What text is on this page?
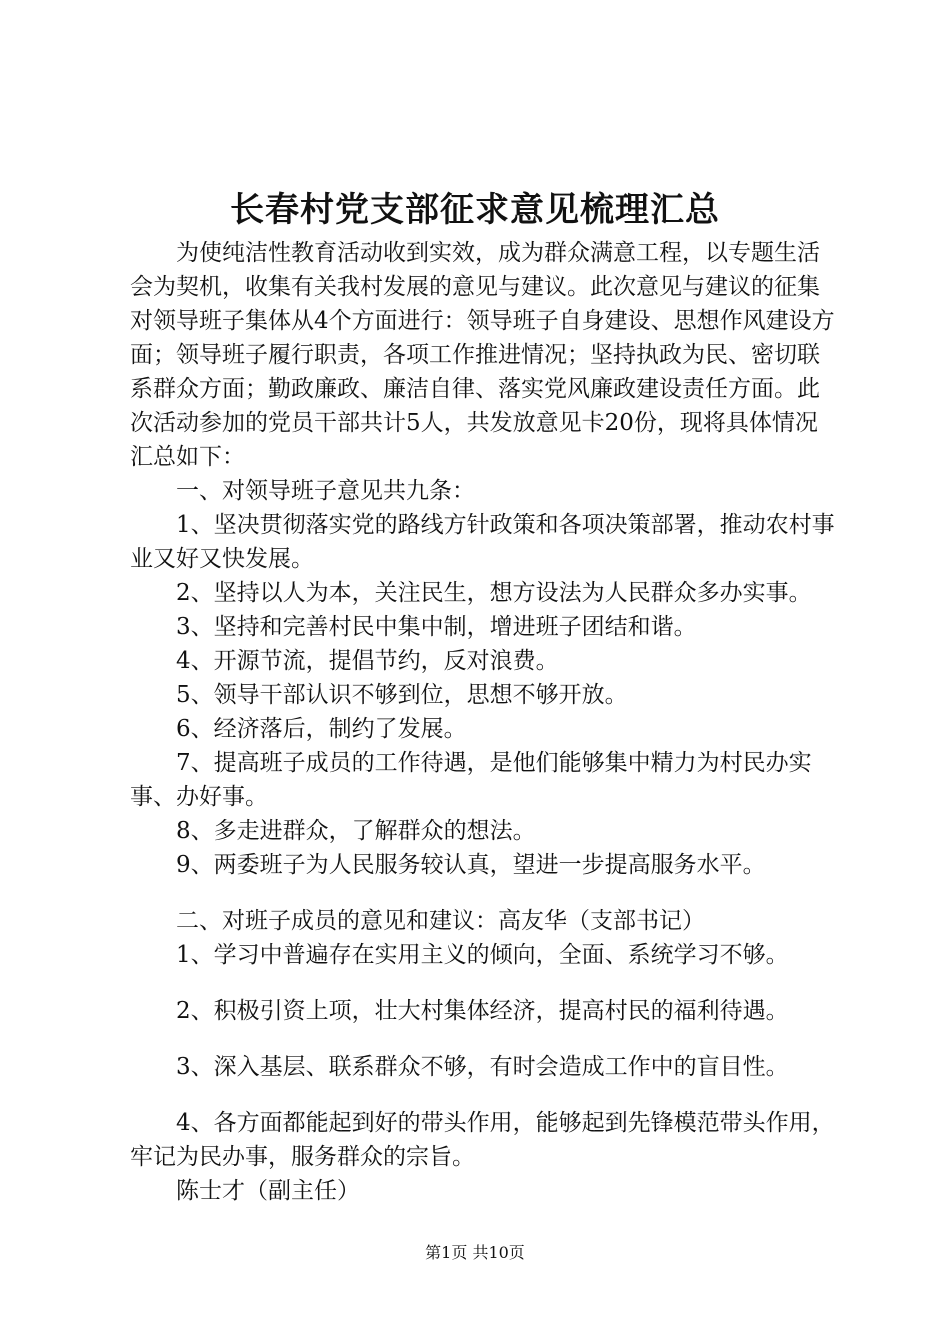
长春村党支部征求意见梳理汇总

为使纯洁性教育活动收到实效，成为群众满意工程，以专题生活会为契机，收集有关我村发展的意见与建议。此次意见与建议的征集对领导班子集体从4个方面进行：领导班子自身建设、思想作风建设方面；领导班子履行职责，各项工作推进情况；坚持执政为民、密切联系群众方面；勤政廉政、廉洁自律、落实党风廉政建设责任方面。此次活动参加的党员干部共计5人，共发放意见卡20份，现将具体情况汇总如下：

一、对领导班子意见共九条：

1、坚决贯彻落实党的路线方针政策和各项决策部署，推动农村事业又好又快发展。

2、坚持以人为本，关注民生，想方设法为人民群众多办实事。

3、坚持和完善村民中集中制，增进班子团结和谐。

4、开源节流，提倡节约，反对浪费。

5、领导干部认识不够到位，思想不够开放。

6、经济落后，制约了发展。

7、提高班子成员的工作待遇，是他们能够集中精力为村民办实事、办好事。

8、多走进群众，了解群众的想法。

9、两委班子为人民服务较认真，望进一步提高服务水平。

二、对班子成员的意见和建议：高友华（支部书记）

1、学习中普遍存在实用主义的倾向，全面、系统学习不够。

2、积极引资上项，壮大村集体经济，提高村民的福利待遇。

3、深入基层、联系群众不够，有时会造成工作中的盲目性。

4、各方面都能起到好的带头作用，能够起到先锋模范带头作用，牢记为民办事，服务群众的宗旨。

陈士才（副主任）

第1页 共10页
